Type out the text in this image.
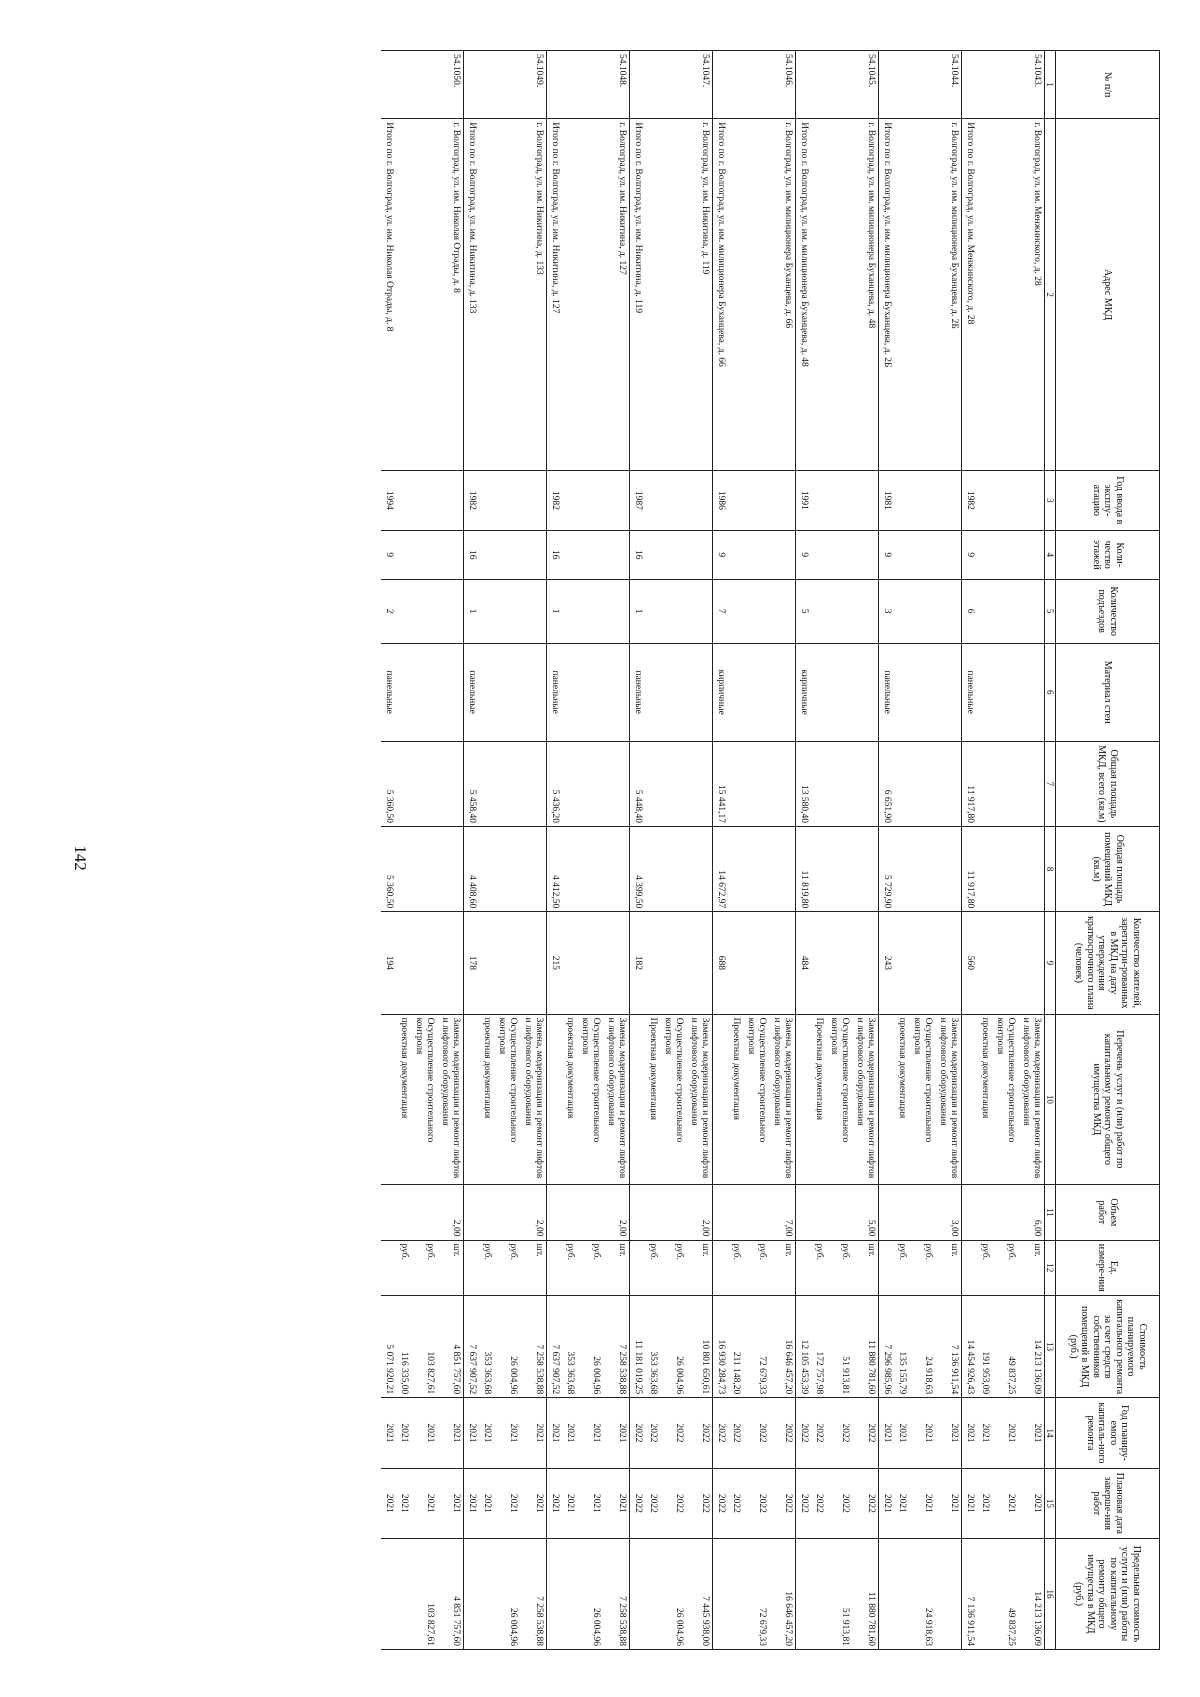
142
№ п/п	Адрес МКД	Год ввода в эксплу-атацию	Коли-чество этажей	Количество подъездов	Материал стен	Общая площадь МКД, всего (кв.м)	Общая площадь помещений МКД (кв.м)	Количество жителей, зарегистри-рованных в МКД на дату утверждения краткосрочного плана (человек)	Перечень услуг и (или) работ по капитальному ремонту общего имущества МКД	Объем работ	Ед. измере-ния	Стоимость планируемого капитального ремонта за счет средств собственников помещений в МКД (руб.)	Год планиру-емого капиталь-ного ремонта	Плановая дата заверше-ния работ	Предельная стоимость услуги и (или) работы по капитальному ремонту общего имущества в МКД (руб.)
1	2	3	4	5	6	7	8	9	10	11	12	13	14	15	16
54.1043.	г. Волгоград, ул. им. Менжинского, д. 28								Замена, модернизация и ремонт лифтов и лифтового оборудования	6,00	шт.	14 213 136,09	2021	2021	14 213 136,09
									Осуществление строительного контроля		руб.	49 837,25	2021	2021	49 837,25
									проектная документация		руб.	191 953,09	2021	2021	
	Итого по г. Волгоград, ул. им. Менжинского, д. 28	1982	9	6	панельные	11 917,80	11 917,80	560				14 454 926,43	2021	2021	7 136 911,54
54.1044.	г. Волгоград, ул. им. милиционера Буханцева, д. 2Б								Замена, модернизация и ремонт лифтов и лифтового оборудования	3,00	шт.	7 136 911,54	2021	2021	
									Осуществление строительного контроля		руб.	24 918,63	2021	2021	24 918,63
									проектная документация		руб.	135 155,79	2021	2021	
	Итого по г. Волгоград, ул. им. милиционера Буханцева, д. 2Б	1981	9	3	панельные	6 651,90	5 729,90	243				7 296 985,96	2021	2021	
54.1045.	г. Волгоград, ул. им. милиционера Буханцева, д. 48								Замена, модернизация и ремонт лифтов и лифтового оборудования	5,00	шт.	11 880 781,60	2022	2022	11 880 781,60
									Осуществление строительного контроля		руб.	51 913,81	2022	2022	51 913,81
									Проектная документация		руб.	172 757,98	2022	2022	
	Итого по г. Волгоград, ул. им. милиционера Буханцева, д. 48	1991	9	5	кирпичные	13 580,40	11 819,80	484				12 105 453,39	2022	2022	
54.1046.	г. Волгоград, ул. им. милиционера Буханцева, д. 66								Замена, модернизация и ремонт лифтов и лифтового оборудования	7,00	шт.	16 646 457,20	2022	2022	16 646 457,20
									Осуществление строительного контроля		руб.	72 679,33	2022	2022	72 679,33
									Проектная документация		руб.	211 148,20	2022	2022	
	Итого по г. Волгоград, ул. им. милиционера Буханцева, д. 66	1986	9	7	кирпичные	15 441,17	14 672,97	688				16 930 284,73	2022	2022	
54.1047.	г. Волгоград, ул. им. Никитина, д. 119								Замена, модернизация и ремонт лифтов и лифтового оборудования	2,00	шт.	10 801 650,61	2022	2022	7 445 938,00
									Осуществление строительного контроля		руб.	26 004,96	2022	2022	26 004,96
									Проектная документация		руб.	353 363,68	2022	2022	
	Итого по г. Волгоград, ул. им. Никитина, д. 119	1987	16	1	панельные	5 448,40	4 399,50	182				11 181 019,25	2022	2022	
54.1048.	г. Волгоград, ул. им. Никитина, д. 127								Замена, модернизация и ремонт лифтов и лифтового оборудования	2,00	шт.	7 258 538,88	2021	2021	7 258 538,88
									Осуществление строительного контроля		руб.	26 004,96	2021	2021	26 004,96
									проектная документация		руб.	353 363,68	2021	2021	
	Итого по г. Волгоград, ул. им. Никитина, д. 127	1982	16	1	панельные	5 436,20	4 412,50	215				7 637 907,52	2021	2021	
54.1049.	г. Волгоград, ул. им. Никитина, д. 133								Замена, модернизация и ремонт лифтов и лифтового оборудования	2,00	шт.	7 258 538,88	2021	2021	7 258 538,88
									Осуществление строительного контроля		руб.	26 004,96	2021	2021	26 004,96
									проектная документация		руб.	353 363,68	2021	2021	
	Итого по г. Волгоград, ул. им. Никитина, д. 133	1982	16	1	панельные	5 458,40	4 408,60	178				7 637 907,52	2021	2021	
54.1050.	г. Волгоград, ул. им. Николая Отрады, д. 8								Замена, модернизация и ремонт лифтов и лифтового оборудования	2,00	шт.	4 851 757,60	2021	2021	4 851 757,60
									Осуществление строительного контроля		руб.	103 827,61	2021	2021	103 827,61
									проектная документация		руб.	116 335,00	2021	2021	
	Итого по г. Волгоград, ул. им. Николая Отрады, д. 8	1994	9	2	панельные	5 360,50	5 360,50	194				5 071 920,21	2021	2021	
